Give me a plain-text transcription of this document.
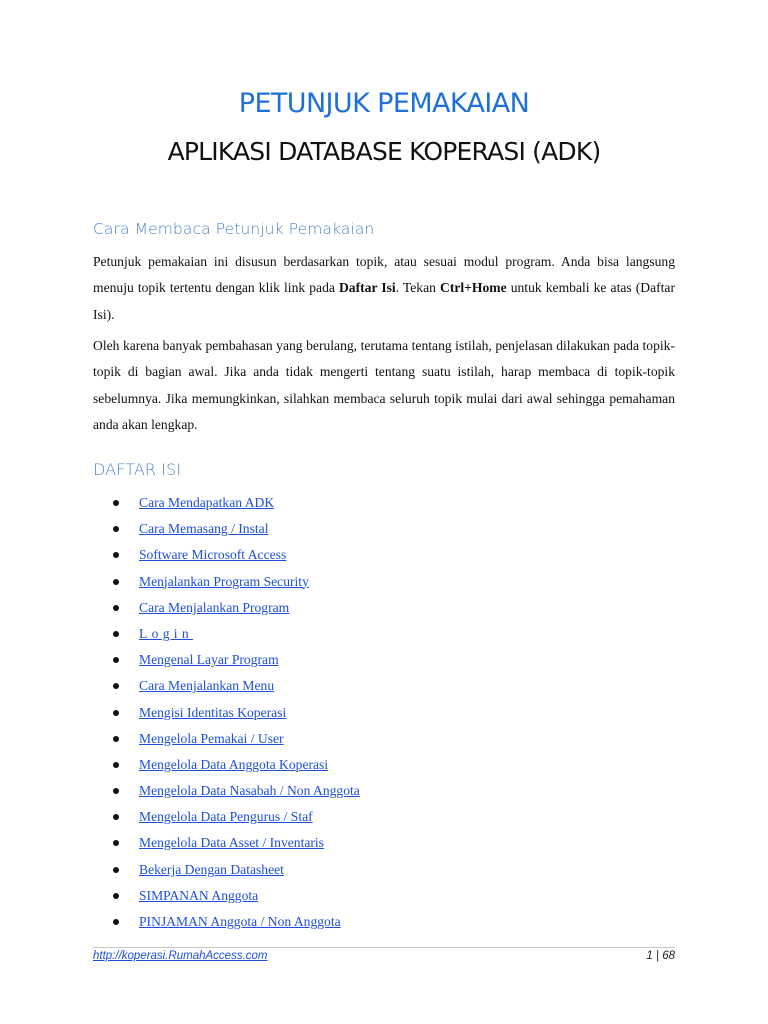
PETUNJUK PEMAKAIAN
APLIKASI DATABASE KOPERASI (ADK)
Cara Membaca Petunjuk Pemakaian

Petunjuk pemakaian ini disusun berdasarkan topik, atau sesuai modul program. Anda bisa langsung menuju topik tertentu dengan klik link pada Daftar Isi. Tekan Ctrl+Home untuk kembali ke atas (Daftar Isi).

Oleh karena banyak pembahasan yang berulang, terutama tentang istilah, penjelasan dilakukan pada topik-topik di bagian awal. Jika anda tidak mengerti tentang suatu istilah, harap membaca di topik-topik sebelumnya. Jika memungkinkan, silahkan membaca seluruh topik mulai dari awal sehingga pemahaman anda akan lengkap.

DAFTAR ISI
Cara Mendapatkan ADK
Cara Memasang / Instal
Software Microsoft Access
Menjalankan Program Security
Cara Menjalankan Program
Login
Mengenal Layar Program
Cara Menjalankan Menu
Mengisi Identitas Koperasi
Mengelola Pemakai / User
Mengelola Data Anggota Koperasi
Mengelola Data Nasabah / Non Anggota
Mengelola Data Pengurus / Staf
Mengelola Data Asset / Inventaris
Bekerja Dengan Datasheet
SIMPANAN Anggota
PINJAMAN Anggota / Non Anggota
http://koperasi.RumahAccess.com	1 | 68
